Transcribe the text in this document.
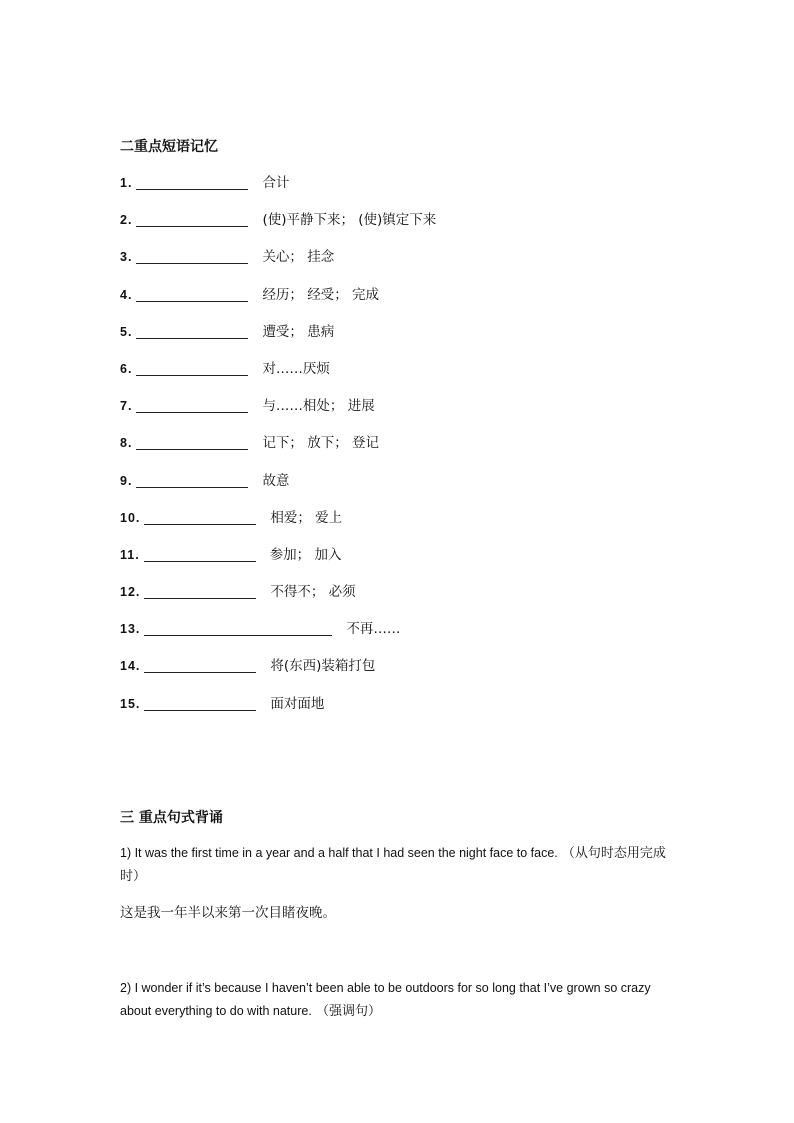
二重点短语记忆
1.	合计
2.	(使)平静下来； (使)镇定下来
3.	关心； 挂念
4.	经历； 经受； 完成
5.	遭受； 患病
6.	对……厌烦
7.	与……相处； 进展
8.	记下； 放下； 登记
9.	故意
10.	相爱； 爱上
11.	参加； 加入
12.	不得不； 必须
13.	不再……
14.	将(东西)装箱打包
15.	面对面地
三 重点句式背诵
1) It was the first time in a year and a half that I had seen the night face to face. （从句时态用完成时）
这是我一年半以来第一次目睹夜晚。
2) I wonder if it’s because I haven’t been able to be outdoors for so long that I’ve grown so crazy about everything to do with nature. （强调句）
